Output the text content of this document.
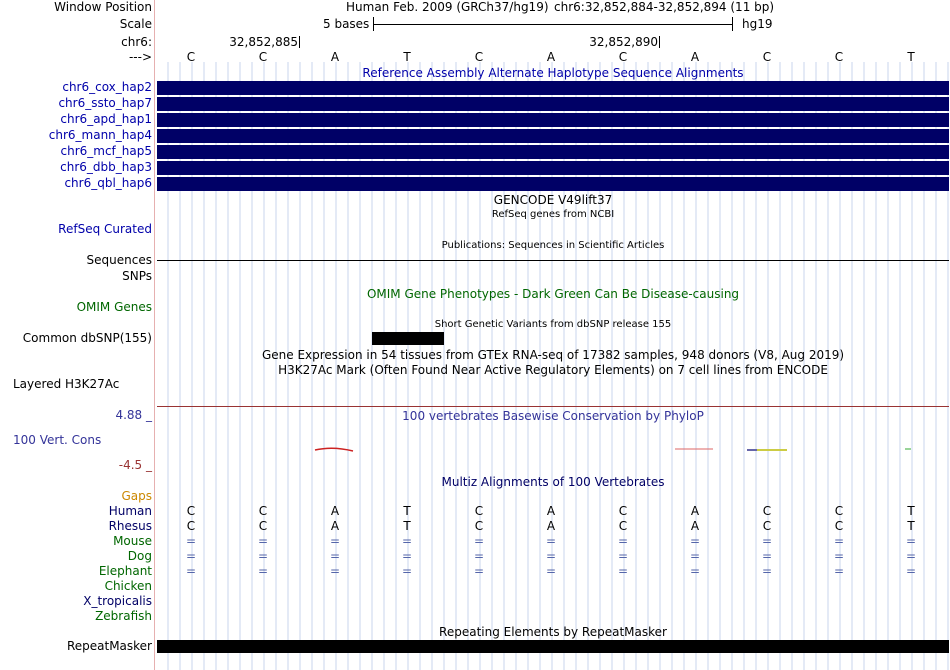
Window Position	Human Feb. 2009 (GRCh37/hg19) chr6:32,852,884-32,852,894 (11 bp)
Scale	5 bases	hg19
chr6:	32,852,885	32,852,890
--->	C	C	A	T	C	A	C	A	C	C	T
Reference Assembly Alternate Haplotype Sequence Alignments
chr6_cox_hap2
chr6_ssto_hap7
chr6_apd_hap1
chr6_mann_hap4
chr6_mcf_hap5
chr6_dbb_hap3
chr6_qbl_hap6
GENCODE V49lift37
RefSeq genes from NCBI
RefSeq Curated
Publications: Sequences in Scientific Articles
Sequences
SNPs
OMIM Gene Phenotypes - Dark Green Can Be Disease-causing
OMIM Genes
Short Genetic Variants from dbSNP release 155
Common dbSNP(155)
Gene Expression in 54 tissues from GTEx RNA-seq of 17382 samples, 948 donors (V8, Aug 2019)
H3K27Ac Mark (Often Found Near Active Regulatory Elements) on 7 cell lines from ENCODE
Layered H3K27Ac
100 vertebrates Basewise Conservation by PhyloP
4.88 _
100 Vert. Cons
-4.5 _
Multiz Alignments of 100 Vertebrates
Gaps
Human	C	C	A	T	C	A	C	A	C	C	T
Rhesus	C	C	A	T	C	A	C	A	C	C	T
Mouse	=	=	=	=	=	=	=	=	=	=	=
Dog	=	=	=	=	=	=	=	=	=	=	=
Elephant	=	=	=	=	=	=	=	=	=	=	=
Chicken
X_tropicalis
Zebrafish
Repeating Elements by RepeatMasker
RepeatMasker
